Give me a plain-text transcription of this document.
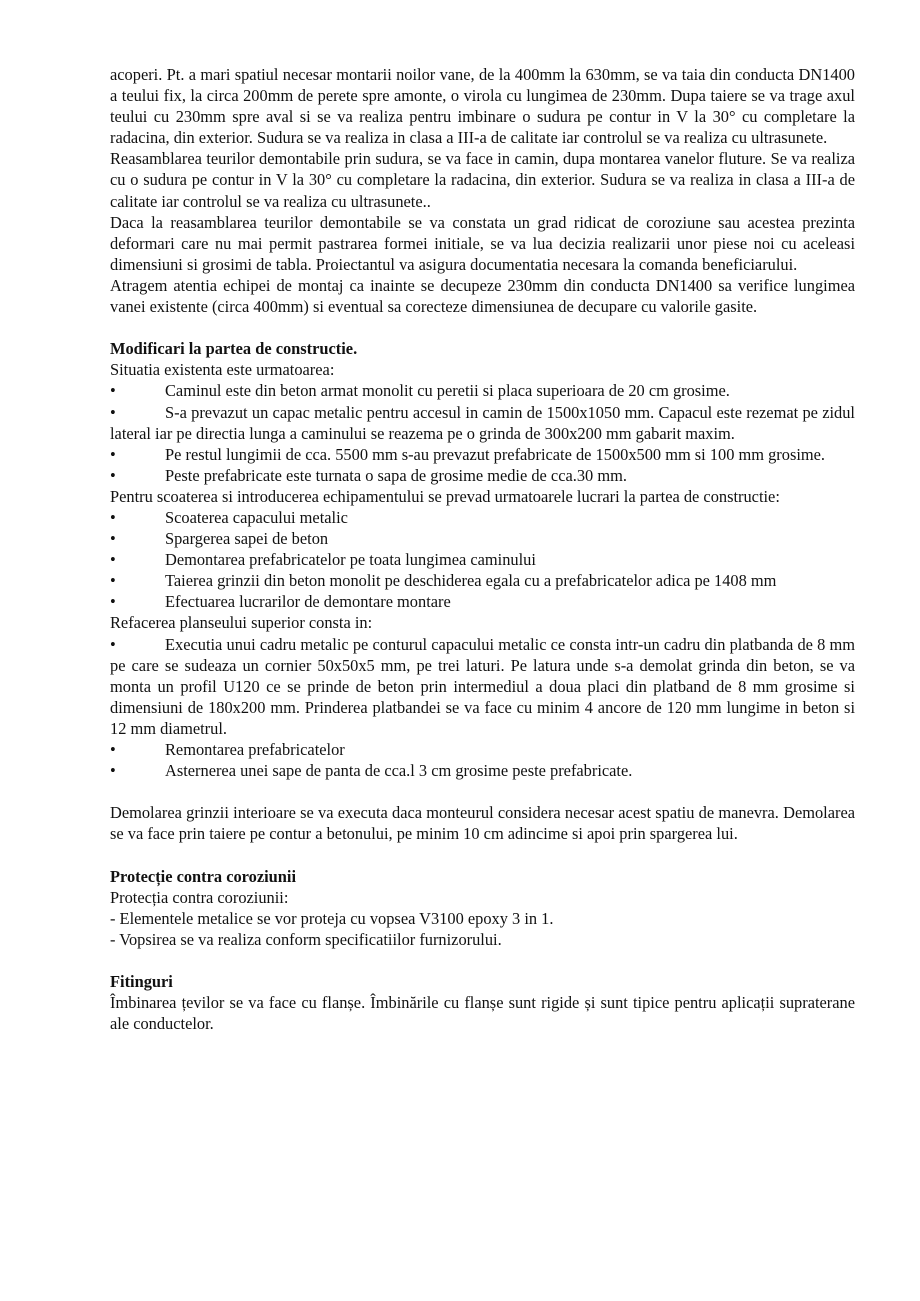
acoperi. Pt. a mari spatiul necesar montarii noilor vane, de la 400mm la 630mm, se va taia din conducta DN1400 a teului fix, la circa 200mm de perete spre amonte, o virola cu lungimea de 230mm. Dupa taiere se va trage axul teului cu 230mm spre aval si se va realiza pentru imbinare o sudura pe contur in V la 30° cu completare la radacina, din exterior. Sudura se va realiza in clasa a III-a de calitate iar controlul se va realiza cu ultrasunete.

Reasamblarea teurilor demontabile prin sudura, se va face in camin, dupa montarea vanelor fluture. Se va realiza cu o sudura pe contur in V la 30° cu completare la radacina, din exterior. Sudura se va realiza in clasa a III-a de calitate iar controlul se va realiza cu ultrasunete..

Daca la reasamblarea teurilor demontabile se va constata un grad ridicat de coroziune sau acestea prezinta deformari care nu mai permit pastrarea formei initiale, se va lua decizia realizarii unor piese noi cu aceleasi dimensiuni si grosimi de tabla. Proiectantul va asigura documentatia necesara la comanda beneficiarului.

Atragem atentia echipei de montaj ca inainte se decupeze 230mm din conducta DN1400 sa verifice lungimea vanei existente (circa 400mm) si eventual sa corecteze dimensiunea de decupare cu valorile gasite.

Modificari la partea de constructie.

Situatia existenta este urmatoarea:

•	Caminul este din beton armat monolit cu peretii si placa superioara de 20 cm grosime.

•	S-a prevazut un capac metalic pentru accesul in camin de 1500x1050 mm. Capacul este rezemat pe zidul lateral iar pe directia lunga a caminului se reazema pe o grinda de 300x200 mm gabarit maxim.

•	Pe restul lungimii de cca. 5500 mm s-au prevazut prefabricate de 1500x500 mm si 100 mm grosime.

•	Peste prefabricate este turnata o sapa de grosime medie de cca.30 mm.

Pentru scoaterea si introducerea echipamentului se prevad urmatoarele lucrari la partea de constructie:

•	Scoaterea capacului metalic

•	Spargerea sapei de beton

•	Demontarea prefabricatelor pe toata lungimea caminului

•	Taierea grinzii din beton monolit pe deschiderea egala cu a prefabricatelor adica pe 1408 mm

•	Efectuarea lucrarilor de demontare montare

Refacerea planseului superior consta in:

•	Executia unui cadru metalic pe conturul capacului metalic ce consta intr-un cadru din platbanda de 8 mm pe care se sudeaza un cornier 50x50x5 mm, pe trei laturi. Pe latura unde s-a demolat grinda din beton, se va monta un profil U120 ce se prinde de beton prin intermediul a doua placi din platband de 8 mm grosime si dimensiuni de 180x200 mm. Prinderea platbandei se va face cu minim 4 ancore de 120 mm lungime in beton si 12 mm diametrul.

•	Remontarea prefabricatelor

•	Asternerea unei sape de panta de cca.l 3 cm grosime peste prefabricate.

Demolarea grinzii interioare se va executa daca monteurul considera necesar acest spatiu de manevra. Demolarea se va face prin taiere pe contur a betonului, pe minim 10 cm adincime si apoi prin spargerea lui.

Protecție contra coroziunii

Protecția contra coroziunii:

- Elementele metalice se vor proteja cu vopsea V3100 epoxy 3 in 1.

- Vopsirea se va realiza conform specificatiilor furnizorului.

Fitinguri

Îmbinarea țevilor se va face cu flanșe. Îmbinările cu flanșe sunt rigide și sunt tipice pentru aplicații supraterane ale conductelor.
